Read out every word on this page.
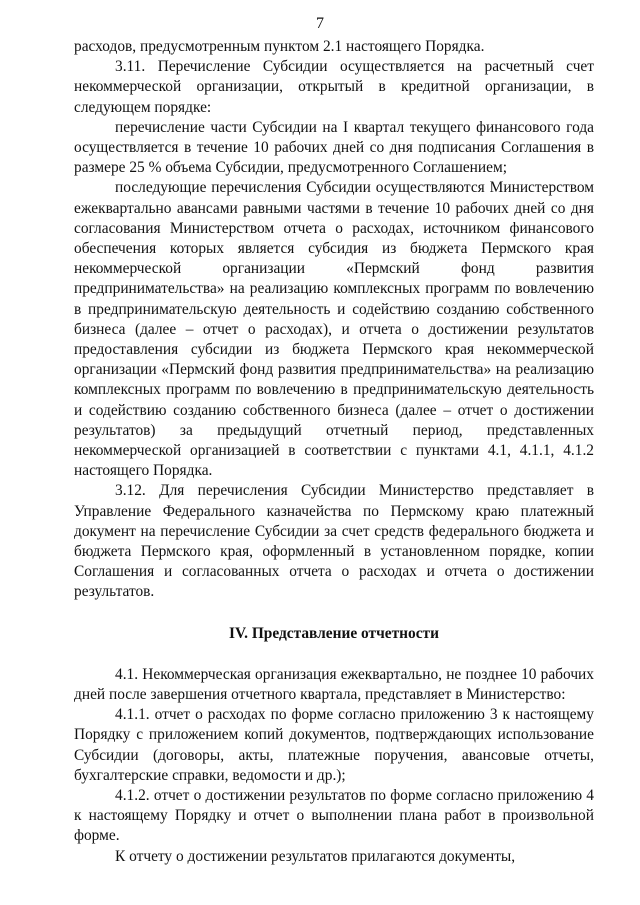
7

расходов, предусмотренным пунктом 2.1 настоящего Порядка.

3.11. Перечисление Субсидии осуществляется на расчетный счет некоммерческой организации, открытый в кредитной организации, в следующем порядке:

перечисление части Субсидии на I квартал текущего финансового года осуществляется в течение 10 рабочих дней со дня подписания Соглашения в размере 25 % объема Субсидии, предусмотренного Соглашением;

последующие перечисления Субсидии осуществляются Министерством ежеквартально авансами равными частями в течение 10 рабочих дней со дня согласования Министерством отчета о расходах, источником финансового обеспечения которых является субсидия из бюджета Пермского края некоммерческой организации «Пермский фонд развития предпринимательства» на реализацию комплексных программ по вовлечению в предпринимательскую деятельность и содействию созданию собственного бизнеса (далее – отчет о расходах), и отчета о достижении результатов предоставления субсидии из бюджета Пермского края некоммерческой организации «Пермский фонд развития предпринимательства» на реализацию комплексных программ по вовлечению в предпринимательскую деятельность и содействию созданию собственного бизнеса (далее – отчет о достижении результатов) за предыдущий отчетный период, представленных некоммерческой организацией в соответствии с пунктами 4.1, 4.1.1, 4.1.2 настоящего Порядка.

3.12. Для перечисления Субсидии Министерство представляет в Управление Федерального казначейства по Пермскому краю платежный документ на перечисление Субсидии за счет средств федерального бюджета и бюджета Пермского края, оформленный в установленном порядке, копии Соглашения и согласованных отчета о расходах и отчета о достижении результатов.

IV. Представление отчетности

4.1. Некоммерческая организация ежеквартально, не позднее 10 рабочих дней после завершения отчетного квартала, представляет в Министерство:

4.1.1. отчет о расходах по форме согласно приложению 3 к настоящему Порядку с приложением копий документов, подтверждающих использование Субсидии (договоры, акты, платежные поручения, авансовые отчеты, бухгалтерские справки, ведомости и др.);

4.1.2. отчет о достижении результатов по форме согласно приложению 4 к настоящему Порядку и отчет о выполнении плана работ в произвольной форме.

К отчету о достижении результатов прилагаются документы,
